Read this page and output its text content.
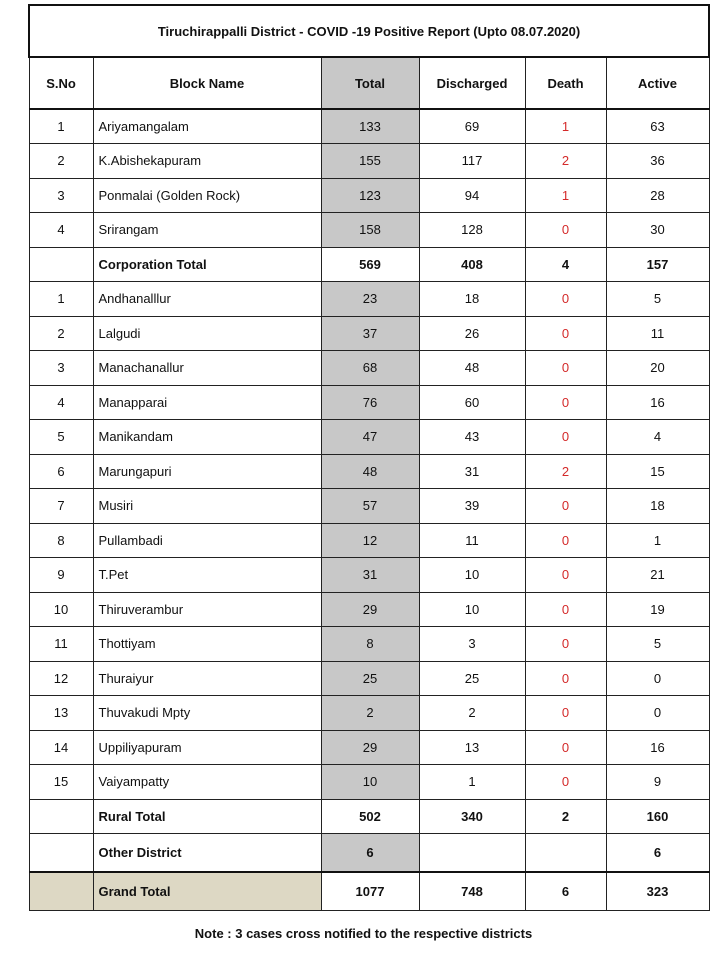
Tiruchirappalli District - COVID -19 Positive Report (Upto 08.07.2020)					
S.No	Block Name	Total	Discharged	Death	Active
1	Ariyamangalam	133	69	1	63
2	K.Abishekapuram	155	117	2	36
3	Ponmalai (Golden Rock)	123	94	1	28
4	Srirangam	158	128	0	30
	Corporation Total	569	408	4	157
1	Andhanalllur	23	18	0	5
2	Lalgudi	37	26	0	11
3	Manachanallur	68	48	0	20
4	Manapparai	76	60	0	16
5	Manikandam	47	43	0	4
6	Marungapuri	48	31	2	15
7	Musiri	57	39	0	18
8	Pullambadi	12	11	0	1
9	T.Pet	31	10	0	21
10	Thiruverambur	29	10	0	19
11	Thottiyam	8	3	0	5
12	Thuraiyur	25	25	0	0
13	Thuvakudi Mpty	2	2	0	0
14	Uppiliyapuram	29	13	0	16
15	Vaiyampatty	10	1	0	9
	Rural Total	502	340	2	160
	Other District	6			6
	Grand Total	1077	748	6	323
Note : 3 cases cross notified to the respective districts
